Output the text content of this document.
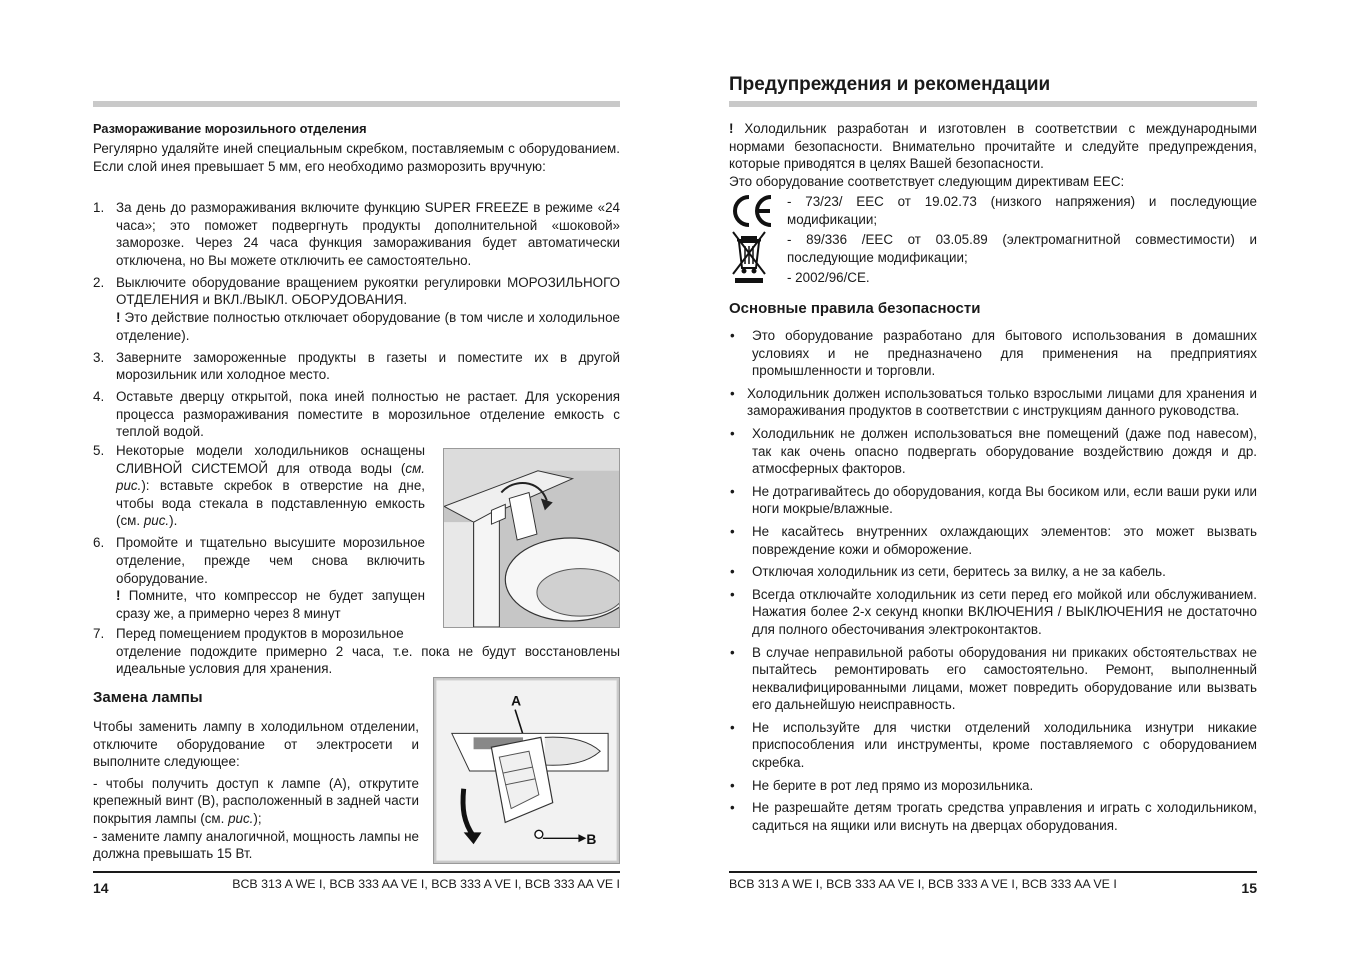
Размораживание морозильного отделения
Регулярно удаляйте иней специальным скребком, поставляемым с оборудованием. Если слой инея превышает 5 мм, его необходимо разморозить вручную:
1. За день до размораживания включите функцию SUPER FREEZE в режиме «24 часа»; это поможет подвергнуть продукты дополнительной «шоковой» заморозке. Через 24 часа функция замораживания будет автоматически отключена, но Вы можете отключить ее самостоятельно.
2. Выключите оборудование вращением рукоятки регулировки МОРОЗИЛЬНОГО ОТДЕЛЕНИЯ и ВКЛ./ВЫКЛ. ОБОРУДОВАНИЯ.
! Это действие полностью отключает оборудование (в том числе и холодильное отделение).
3. Заверните замороженные продукты в газеты и поместите их в другой морозильник или холодное место.
4. Оставьте дверцу открытой, пока иней полностью не растает. Для ускорения процесса размораживания поместите в морозильное отделение емкость с теплой водой.
5. Некоторые модели холодильников оснащены СЛИВНОЙ СИСТЕМОЙ для отвода воды (см. рис.): вставьте скребок в отверстие на дне, чтобы вода стекала в подставленную емкость (см. рис.).
6. Промойте и тщательно высушите морозильное отделение, прежде чем снова включить оборудование.
! Помните, что компрессор не будет запущен сразу же, а примерно через 8 минут
7. Перед помещением продуктов в морозильное
отделение подождите примерно 2 часа, т.е. пока не будут восстановлены идеальные условия для хранения.
Замена лампы
Чтобы заменить лампу в холодильном отделении, отключите оборудование от электросети и выполните следующее:
- чтобы получить доступ к лампе (A), открутите крепежный винт (B), расположенный в задней части покрытия лампы (см. рис.);
- замените лампу аналогичной, мощность лампы не должна превышать 15 Вт.
A
B
14	BCB 313 A WE I, BCB 333 AA VE I, BCB 333 A VE I, BCB 333 AA VE I
Предупреждения и рекомендации
! Холодильник разработан и изготовлен в соответствии с международными нормами безопасности. Внимательно прочитайте и следуйте предупреждения, которые приводятся в целях Вашей безопасности.
Это оборудование соответствует следующим директивам EEC:
- 73/23/ EEC от 19.02.73 (низкого напряжения) и последующие модификации;
- 89/336 /EEC от 03.05.89 (электромагнитной совместимости) и последующие модификации;
- 2002/96/CE.
Основные правила безопасности
• Это оборудование разработано для бытового использования в домашних условиях и не предназначено для применения на предприятиях промышленности и торговли.
• Холодильник должен использоваться только взрослыми лицами для хранения и замораживания продуктов в соответствии с инструкциям данного руководства.
• Холодильник не должен использоваться вне помещений (даже под навесом), так как очень опасно подвергать оборудование воздействию дождя и др. атмосферных факторов.
• Не дотрагивайтесь до оборудования, когда Вы босиком или, если ваши руки или ноги мокрые/влажные.
• Не касайтесь внутренних охлаждающих элементов: это может вызвать повреждение кожи и обморожение.
• Отключая холодильник из сети, беритесь за вилку, а не за кабель.
• Всегда отключайте холодильник из сети перед его мойкой или обслуживанием. Нажатия более 2-х секунд кнопки ВКЛЮЧЕНИЯ / ВЫКЛЮЧЕНИЯ не достаточно для полного обесточивания электроконтактов.
• В случае неправильной работы оборудования ни прикаких обстоятельствах не пытайтесь ремонтировать его самостоятельно. Ремонт, выполненный неквалифицированными лицами, может повредить оборудование или вызвать его дальнейшую неисправность.
• Не используйте для чистки отделений холодильника изнутри никакие приспособления или инструменты, кроме поставляемого с оборудованием скребка.
• Не берите в рот лед прямо из морозильника.
• Не разрешайте детям трогать средства управления и играть с холодильником, садиться на ящики или виснуть на дверцах оборудования.
BCB 313 A WE I, BCB 333 AA VE I, BCB 333 A VE I, BCB 333 AA VE I	15
